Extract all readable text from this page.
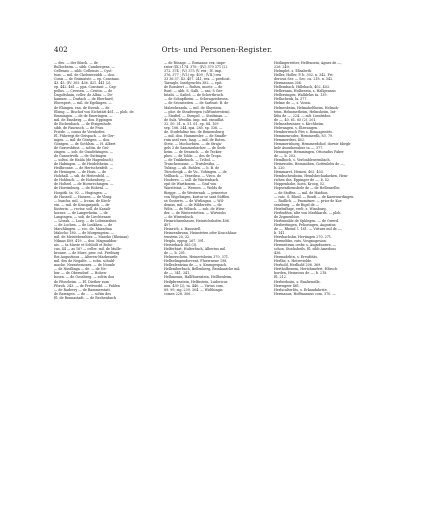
402	Orts- und Personen-Register.
— des. — der Bösch. — de
Bulloebeim. — sibb. Cambergens. —
Cellensis — sibb. Cellensis — Cyst-
tum. — mil. de Chelenweiddi — dou.
Conis — de Grämatstr. — ep. Constanz.
43. 45. (IV. 305. 436. 421. 441 (2).
ep. 442. 461 — ppa. Constant — Cap-
pellus. — Cressen. — Cristin. — de
Dagoltshain, celler. de Albia. — De-
hamuer. — Durlach — de Eberhard,
Eberspert. — mil. de Egelingen. —
de Ehingen. ran. de Eswab. — de
Elsing. — Bischof von Eichstätt 461. — plob. de
Emmingen. — de de Emeringen. —
mil. de Emsberg. — dou. Eppingen
de Eschenbach. — de Etzigenhofe.
sibb. de Faurnsch. — de Frau
Friede. — conus de Vornhofen.
El. Führregi de Geispach. — de Ger-
ingen. — mil. de Göntgen. — dou.
Göntgen. — de Gothlsm. — H. Albert
de Graveshfust. — soltin. de Grö-
zingen. — sob. de Gundelsingen. —
de Gunsetruth. — de Guttingen
— soltin. de Haüla (de Hagenbuch)
de Habingen. — de Heidelsheim. —
Heilbronne. — de Hertschenfelt. —
de Heningen. — de Horn. — de
Holzhall. — sib. de Heitenfeld. —
de Hohbuch. — de Hohenberg. —
de Holtzel. — de Hornrechingen. —
de Horrimburg. — de Hohenl. —
Hospith. ta. 92. — Hugingen. —
de Husseil. — Hussen. — de Vbsig.
— buscha. mil. — Ircam. de Kirch-
ein. — mil. de Krasgaspath. — de
Kutterin. — rector. soll. de Kanali-
hornes. — de Langerheim. — de
Langingen. — sob. de Liechtenaw.
— Löwah. — Lorg. — de Lobenwaher.
— de Lochen. — de Loukhen. — de
Marchlingen. — ecc. de. Maradina
Malocho 180. — de Morgengeim. —
mil. de Meistelwashter. — Marzho (Rheinau)
Niknas 409, 419. — dou. Magnuddon-
ais. — ta Muste et Schloilt et Bolsi-
cus, 44 — as 16? — celler. mil. de Mulle-
bronne. — de Mure, pror. col. Freiburg
Rei Augustinus — Alteren-Markwarde
mil. des de Negalte. — sohn. schuld-
mache. Nerastemones. — de Nounle
— de Niedlinga — de. — de Ne-
bur. — de Oberndorf. — Hohen-
bosen. — de Oossberg. — soltin dou
de Pforzheim. — El. Diether zum
Pforzh. 243. — de Prettweibl. — Pahlen
— de Radevry — de Rammerstatt.
de Rawagen. — de … — soltin des
El. de Rennastadt. — de Rechenbuch
— de Rösage. — Romanor. rex, impe-
rator (IX.) 174. 376 ; (IV.) 370 371 (2).
372. 374 ; (V.) 373 (V. rex ; IV. imp.
376, 377 ; (VI.) ep. 409 ; (VII.) rex
33 36 37. 43. 457. 241, rex. — predicat.
Tarraglo. Inselgruchts 382. — epit.
de Rossbert — Rultzu, moetr. — de
Rust. — abb. S. Galli. — ran. S Ger-
bitabi. — Sailed. — de Schertbruch.
— de Schupfheim. — Schwageisbronn.
— de Secnsteiten. — de Sarbust. B. de
Malzwhranda. — mil. de Slaystein.
— plor. de Stradwegen (ulWunterstein).
— Stadtel. — Stenpel. — Stedtman. —
de Sulz. Wentlin. imp. mil. ensudlat.
32. 50. 51. n. 51. 61. ep. 84. 109
sep. 106. 244. spa. 285. sp. 336. —
de. Studelalinz tuu. de Remensburg
— mil. dou. Hammesler. — de Smafle-
rum usel ewa; lang. — mil. de Roten.
Stetz. — Mochorbien. — de Straja-
gels 3 de Sammesbacher. — de Seeh-
heim. — de Swarach. — de Teckes-
phes. — de Toble. — des de Tropa.
— de Trakkebuch. — Tribol. —
Truncheuszine. — Trutslesthu. —
Tubing. — ab. Bohlen. — b. B. de
Türscheigk — de Vu.. Vohingen. — de
Vellbach. — Venedisu. — Virco. de
Hoobern. — soll. de Wartenbach.
epit de Wartbosem. — Graf von
Warsttstat. — Wernen. — Wolds de
Biegge. — de Westernah. — prineetor
von Wigelisigen, kurtur se sant Süfflen.
se Gosterts. — de Wirlingau. — Wil-
demas, mil. — de Wilderetts. — de
Wilts. — de Wilisch. — sob. de Wüss-
der. — de Winterstetten. — Wirwiohs
— de Wissenbsch.
Heinrichsenhauer, Heinrichshofen 406.
407.
Heinrich, s. Hausstell.
Heinzenbrunn, Heinsteten oder Kracshhau-
tenstein 20, 32.
Heiplo, eppsg. 267. 391.
Heiserbach 365 (3).
Helferbart, Hulterbach, Albertus mil.
de —, b. 201.
Helmerschein, Heinertsheim 370. 371.
Helleelingendorvent, Fluerrnene 198.
Helleslentzina de —, s. Kromgespach.
Helleniberbach, Bellenberg, Reinbaatche mil.
de —, 341. 341.
Helhmenin, Hallfhurnstein, Hellheuleim,
Heilpbrenstein, Helfnstein, Ludovicus
mm. 439 (2), ta. 440. — Virtus com.
89. 99, sig. 239. 304. — Wülthingis
comes 228. 306 ...
Heilingerreiter, Helfensein, Agnes de —,
226. 249.
Helmplet, s. Elisabeth.
Heller, Holler, F. b. 302. n. 342. Fri-
dericus Ser. — Sec. ca. 218. n. 342.
Hermannus 356.
Hellembach, Hillebach, 402. 403.
Hellernam, Hulbesein, s. Hallgennus
Hellersingen, Walldelus ta. 139.
Hellacheuk, la. 377.
Helme de —, s. Vosen.
Helmesbeim, Helmaheltheim, Helmoh-
teim, Helmmetheim, Helmsheim, Int-
liths de —, 224. — mlt. Lienfriden
de —, 40. 61. 65 (2). 201.
Helmsebrunner, s. Kirchheim.
Helwangen, s. Elzwangen.
Hemberreuch Pirs s. Ronnagenitts.
Hemmenrodez, Hemmerdh, 83. 79.
Hemmerdeei, 402.
Hemmerisboeg, Hemmerdohof, dorwir bbegb-
kele Avouihenshue in —, 377.
Henninger, Hemmingen, Ottoradus Faber
de —, b. 203.
Hemlboch, s. Verlonbleseembach.
Hemerodei, Hemmoben, Gottenlebs de —,
b. 220.
Hemmaret, Hemen, 402. 403.
Hembscheuboiin, Hemlshechadaeken, Hem-
richen dos. Eppinger de —, b. 52.
Hoppenhobe, hoen, Kroog, 52.
Hopsenthemsbele de — de Hellenselbe.
— de Stoffen. — mil. de Haidion.
— ratc. S. Blasil. — Bosdi — de Kaenwurdingen.
— Radlich. — Paumitner. — prior de Kos-
sensburg. — de Rigel de —
Heirbsfhige, vrelt, s. Winsburg.
Herbsdfun, alte von Marhkards. — plob.
de Zrgmenlüse.
Herbsnnlde de Sphlegen. — de Gwerd.
Herbertingen, Pehoringen, Augustus
de —, Rheinf. l. 161. — Virtues mil de —,
b. 141.
Hersbachsbn, Hertingen 270. 271.
Hermeldse, rats. Vosgnogesion.
Hermsitrum orsbr. s. Augsduntwe. —
schon. Stocksheils, El. sibb Amedous
436.
Hermsdehtn, s. Ereufötäs.
Herlhe, s. Hetrevielde.
Herhold, Herlhold 208. 369.
Hertholbenem, Hertzhmrfert, Hlirsch-
borden, Heinricus de —, b. 218.
El. 212.
Herberhoiin, s. Bualirmelle.
Herrugeer 461.
Herlscalterlits, s. Erkaudahrste.
Hermanus, Hoffmannus com. 370. —
